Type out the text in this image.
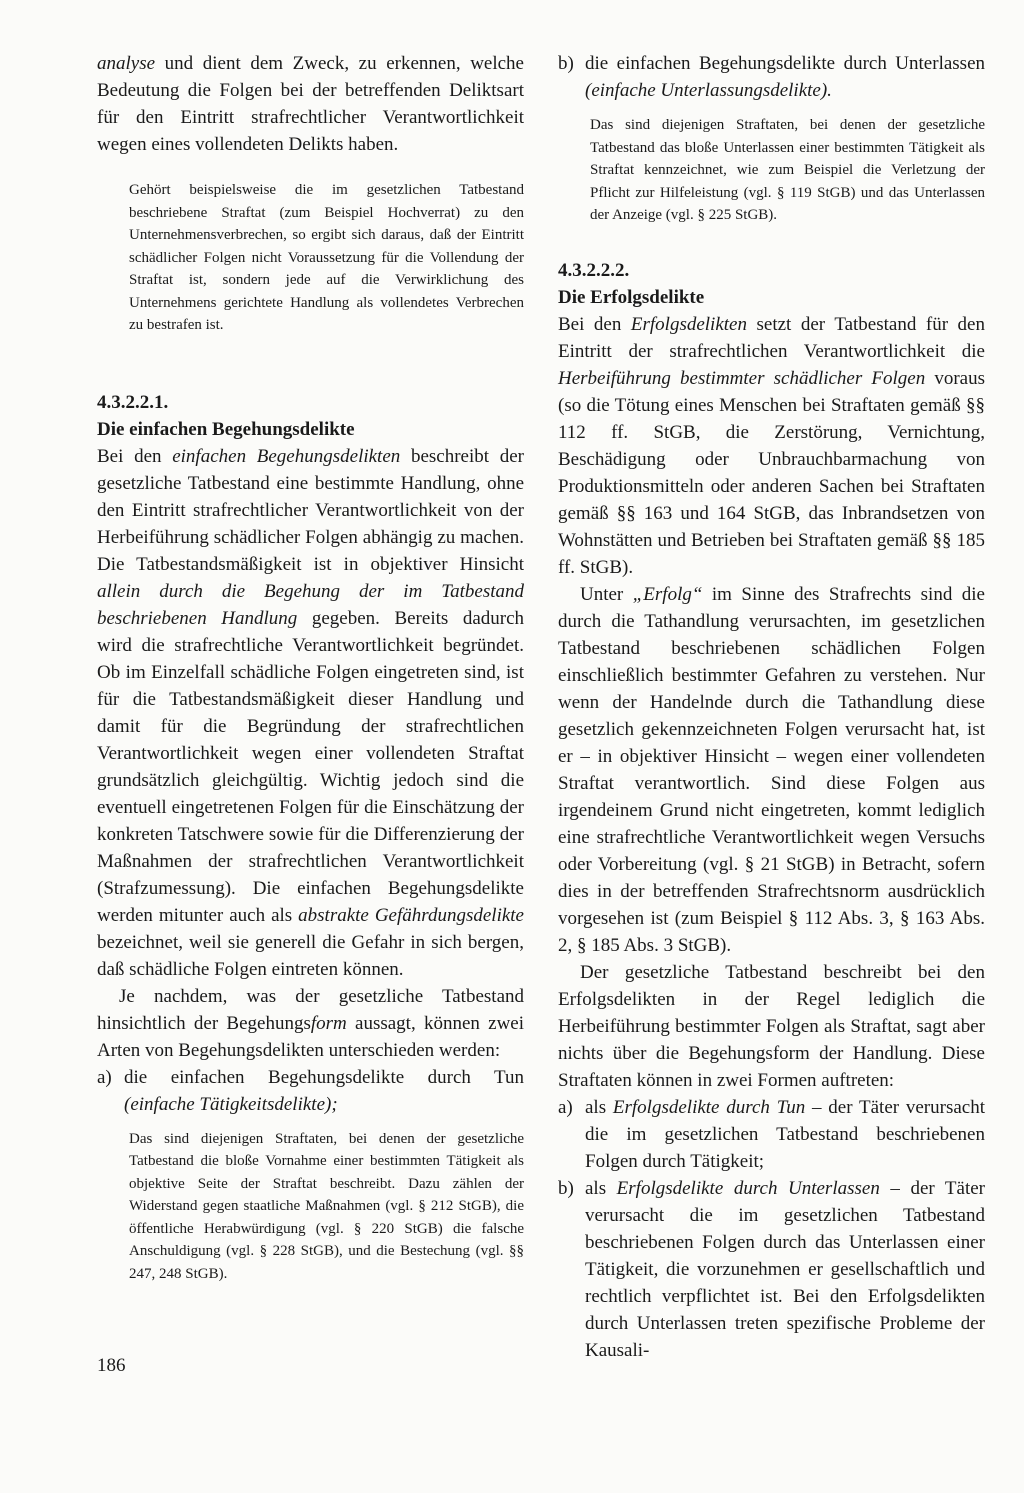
analyse und dient dem Zweck, zu erkennen, welche Bedeutung die Folgen bei der betreffenden Deliktsart für den Eintritt strafrechtlicher Verantwortlichkeit wegen eines vollendeten Delikts haben.

Gehört beispielsweise die im gesetzlichen Tatbestand beschriebene Straftat (zum Beispiel Hochverrat) zu den Unternehmensverbrechen, so ergibt sich daraus, daß der Eintritt schädlicher Folgen nicht Voraussetzung für die Vollendung der Straftat ist, sondern jede auf die Verwirklichung des Unternehmens gerichtete Handlung als vollendetes Verbrechen zu bestrafen ist.

4.3.2.2.1.
Die einfachen Begehungsdelikte

Bei den einfachen Begehungsdelikten beschreibt der gesetzliche Tatbestand eine bestimmte Handlung, ohne den Eintritt strafrechtlicher Verantwortlichkeit von der Herbeiführung schädlicher Folgen abhängig zu machen. Die Tatbestandsmäßigkeit ist in objektiver Hinsicht allein durch die Begehung der im Tatbestand beschriebenen Handlung gegeben. Bereits dadurch wird die strafrechtliche Verantwortlichkeit begründet. Ob im Einzelfall schädliche Folgen eingetreten sind, ist für die Tatbestandsmäßigkeit dieser Handlung und damit für die Begründung der strafrechtlichen Verantwortlichkeit wegen einer vollendeten Straftat grundsätzlich gleichgültig. Wichtig jedoch sind die eventuell eingetretenen Folgen für die Einschätzung der konkreten Tatschwere sowie für die Differenzierung der Maßnahmen der strafrechtlichen Verantwortlichkeit (Strafzumessung). Die einfachen Begehungsdelikte werden mitunter auch als abstrakte Gefährdungsdelikte bezeichnet, weil sie generell die Gefahr in sich bergen, daß schädliche Folgen eintreten können.

Je nachdem, was der gesetzliche Tatbestand hinsichtlich der Begehungsform aussagt, können zwei Arten von Begehungsdelikten unterschieden werden:

a) die einfachen Begehungsdelikte durch Tun (einfache Tätigkeitsdelikte);

Das sind diejenigen Straftaten, bei denen der gesetzliche Tatbestand die bloße Vornahme einer bestimmten Tätigkeit als objektive Seite der Straftat beschreibt. Dazu zählen der Widerstand gegen staatliche Maßnahmen (vgl. § 212 StGB), die öffentliche Herabwürdigung (vgl. § 220 StGB) die falsche Anschuldigung (vgl. § 228 StGB), und die Bestechung (vgl. §§ 247, 248 StGB).

b) die einfachen Begehungsdelikte durch Unterlassen (einfache Unterlassungsdelikte).

Das sind diejenigen Straftaten, bei denen der gesetzliche Tatbestand das bloße Unterlassen einer bestimmten Tätigkeit als Straftat kennzeichnet, wie zum Beispiel die Verletzung der Pflicht zur Hilfeleistung (vgl. § 119 StGB) und das Unterlassen der Anzeige (vgl. § 225 StGB).

4.3.2.2.2.
Die Erfolgsdelikte

Bei den Erfolgsdelikten setzt der Tatbestand für den Eintritt der strafrechtlichen Verantwortlichkeit die Herbeiführung bestimmter schädlicher Folgen voraus (so die Tötung eines Menschen bei Straftaten gemäß §§ 112 ff. StGB, die Zerstörung, Vernichtung, Beschädigung oder Unbrauchbarmachung von Produktionsmitteln oder anderen Sachen bei Straftaten gemäß §§ 163 und 164 StGB, das Inbrandsetzen von Wohnstätten und Betrieben bei Straftaten gemäß §§ 185 ff. StGB).

Unter „Erfolg“ im Sinne des Strafrechts sind die durch die Tathandlung verursachten, im gesetzlichen Tatbestand beschriebenen schädlichen Folgen einschließlich bestimmter Gefahren zu verstehen. Nur wenn der Handelnde durch die Tathandlung diese gesetzlich gekennzeichneten Folgen verursacht hat, ist er – in objektiver Hinsicht – wegen einer vollendeten Straftat verantwortlich. Sind diese Folgen aus irgendeinem Grund nicht eingetreten, kommt lediglich eine strafrechtliche Verantwortlichkeit wegen Versuchs oder Vorbereitung (vgl. § 21 StGB) in Betracht, sofern dies in der betreffenden Strafrechtsnorm ausdrücklich vorgesehen ist (zum Beispiel § 112 Abs. 3, § 163 Abs. 2, § 185 Abs. 3 StGB).

Der gesetzliche Tatbestand beschreibt bei den Erfolgsdelikten in der Regel lediglich die Herbeiführung bestimmter Folgen als Straftat, sagt aber nichts über die Begehungsform der Handlung. Diese Straftaten können in zwei Formen auftreten:

a) als Erfolgsdelikte durch Tun – der Täter verursacht die im gesetzlichen Tatbestand beschriebenen Folgen durch Tätigkeit;
b) als Erfolgsdelikte durch Unterlassen – der Täter verursacht die im gesetzlichen Tatbestand beschriebenen Folgen durch das Unterlassen einer Tätigkeit, die vorzunehmen er gesellschaftlich und rechtlich verpflichtet ist. Bei den Erfolgsdelikten durch Unterlassen treten spezifische Probleme der Kausali-
186
